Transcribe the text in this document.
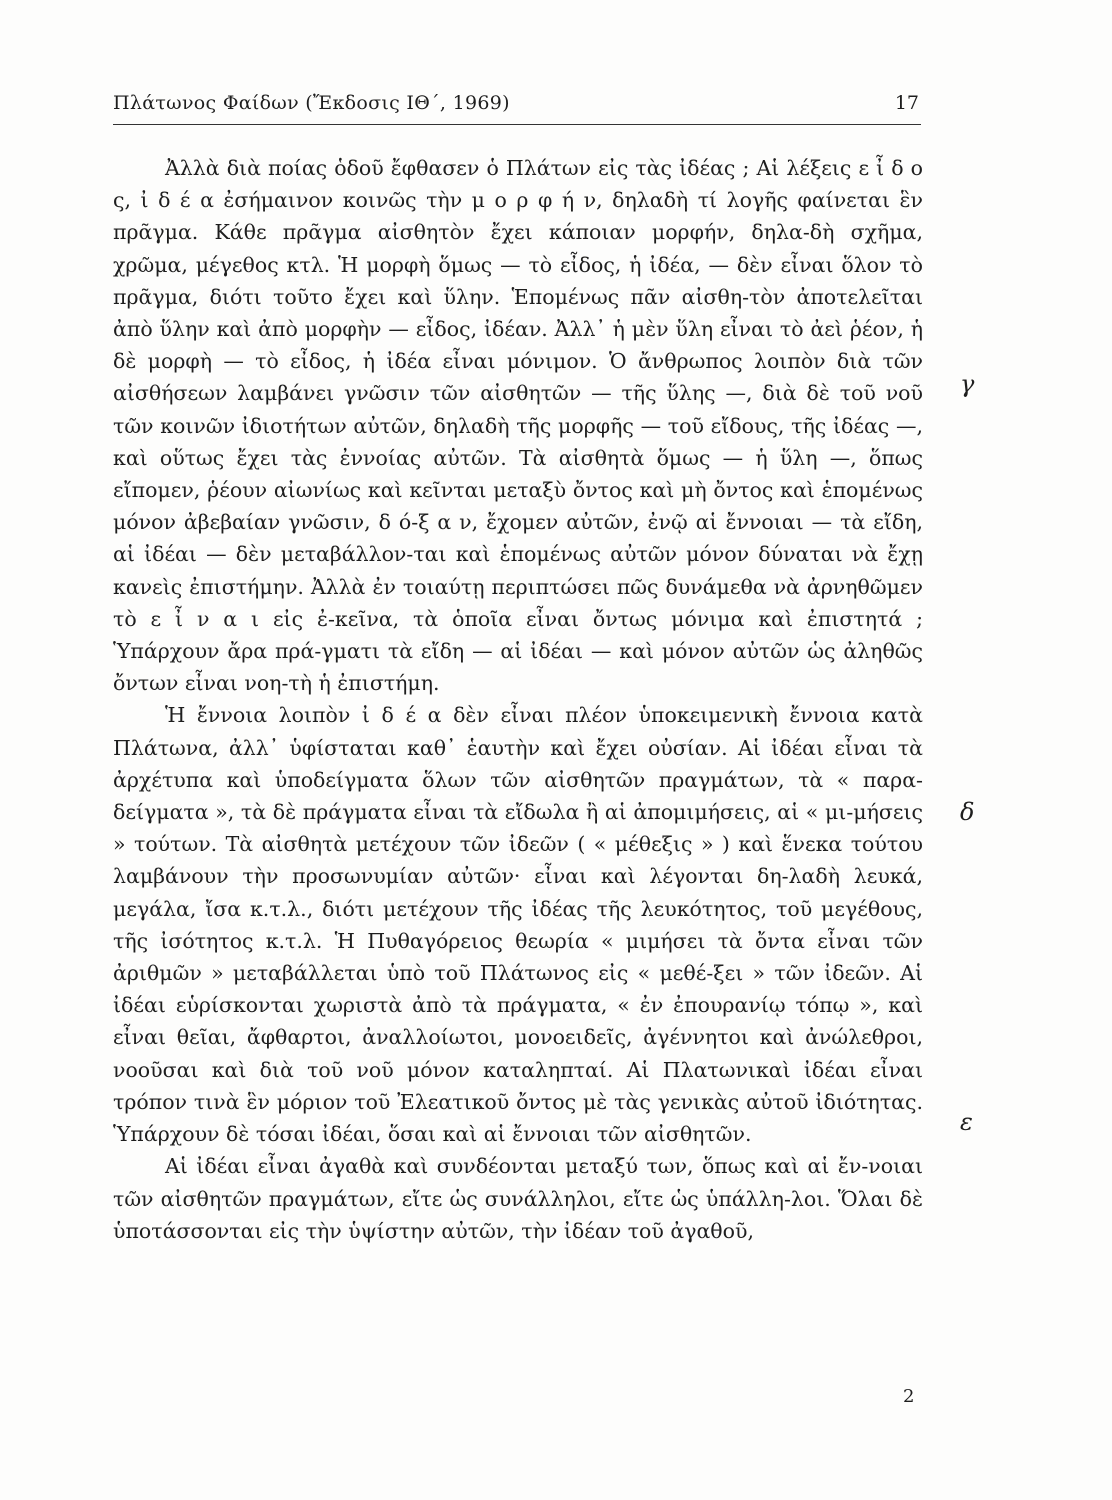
Πλάτωνος Φαίδων (Ἔκδοσις ΙΘ΄, 1969)	17

Ἀλλὰ διὰ ποίας ὁδοῦ ἔφθασεν ὁ Πλάτων εἰς τὰς ἰδέας ; Αἱ λέξεις ε ἶ δ ο ς, ἰ δ έ α ἐσήμαινον κοινῶς τὴν μ ο ρ φ ή ν, δηλαδὴ τί λογῆς φαίνεται ἓν πρᾶγμα. Κάθε πρᾶγμα αἰσθητὸν ἔχει κάποιαν μορφήν, δηλα-δὴ σχῆμα, χρῶμα, μέγεθος κτλ. Ἡ μορφὴ ὅμως — τὸ εἶδος, ἡ ἰδέα, — δὲν εἶναι ὅλον τὸ πρᾶγμα, διότι τοῦτο ἔχει καὶ ὕλην. Ἑπομένως πᾶν αἰσθη-τὸν ἀποτελεῖται ἀπὸ ὕλην καὶ ἀπὸ μορφὴν — εἶδος, ἰδέαν. Ἀλλ᾽ ἡ μὲν ὕλη εἶναι τὸ ἀεὶ ῥέον, ἡ δὲ μορφὴ — τὸ εἶδος, ἡ ἰδέα εἶναι μόνιμον. Ὁ ἄνθρωπος λοιπὸν διὰ τῶν αἰσθήσεων λαμβάνει γνῶσιν τῶν αἰσθητῶν — τῆς ὕλης —, διὰ δὲ τοῦ νοῦ τῶν κοινῶν ἰδιοτήτων αὐτῶν, δηλαδὴ τῆς μορφῆς — τοῦ εἴδους, τῆς ἰδέας —, καὶ οὕτως ἔχει τὰς ἐννοίας αὐτῶν. Τὰ αἰσθητὰ ὅμως — ἡ ὕλη —, ὅπως εἴπομεν, ῥέουν αἰωνίως καὶ κεῖνται μεταξὺ ὄντος καὶ μὴ ὄντος καὶ ἑπομένως μόνον ἀβεβαίαν γνῶσιν, δ ό-ξ α ν, ἔχομεν αὐτῶν, ἐνῷ αἱ ἔννοιαι — τὰ εἴδη, αἱ ἰδέαι — δὲν μεταβάλλον-ται καὶ ἑπομένως αὐτῶν μόνον δύναται νὰ ἔχῃ κανεὶς ἐπιστήμην. Ἀλλὰ ἐν τοιαύτῃ περιπτώσει πῶς δυνάμεθα νὰ ἀρνηθῶμεν τὸ ε ἶ ν α ι εἰς ἐ-κεῖνα, τὰ ὁποῖα εἶναι ὄντως μόνιμα καὶ ἐπιστητά ; Ὑπάρχουν ἄρα πρά-γματι τὰ εἴδη — αἱ ἰδέαι — καὶ μόνον αὐτῶν ὡς ἀληθῶς ὄντων εἶναι νοη-τὴ ἡ ἐπιστήμη.

Ἡ ἔννοια λοιπὸν ἰ δ έ α δὲν εἶναι πλέον ὑποκειμενικὴ ἔννοια κατὰ Πλάτωνα, ἀλλ᾽ ὑφίσταται καθ᾽ ἑαυτὴν καὶ ἔχει οὐσίαν. Αἱ ἰδέαι εἶναι τὰ ἀρχέτυπα καὶ ὑποδείγματα ὅλων τῶν αἰσθητῶν πραγμάτων, τὰ « παρα-δείγματα », τὰ δὲ πράγματα εἶναι τὰ εἴδωλα ἢ αἱ ἀπομιμήσεις, αἱ « μι-μήσεις » τούτων. Τὰ αἰσθητὰ μετέχουν τῶν ἰδεῶν ( « μέθεξις » ) καὶ ἕνεκα τούτου λαμβάνουν τὴν προσωνυμίαν αὐτῶν· εἶναι καὶ λέγονται δη-λαδὴ λευκά, μεγάλα, ἴσα κ.τ.λ., διότι μετέχουν τῆς ἰδέας τῆς λευκότητος, τοῦ μεγέθους, τῆς ἰσότητος κ.τ.λ. Ἡ Πυθαγόρειος θεωρία « μιμήσει τὰ ὄντα εἶναι τῶν ἀριθμῶν » μεταβάλλεται ὑπὸ τοῦ Πλάτωνος εἰς « μεθέ-ξει » τῶν ἰδεῶν. Αἱ ἰδέαι εὑρίσκονται χωριστὰ ἀπὸ τὰ πράγματα, « ἐν ἐπουρανίῳ τόπῳ », καὶ εἶναι θεῖαι, ἄφθαρτοι, ἀναλλοίωτοι, μονοειδεῖς, ἀγέννητοι καὶ ἀνώλεθροι, νοοῦσαι καὶ διὰ τοῦ νοῦ μόνον καταληπταί. Αἱ Πλατωνικαὶ ἰδέαι εἶναι τρόπον τινὰ ἓν μόριον τοῦ Ἐλεατικοῦ ὄντος μὲ τὰς γενικὰς αὐτοῦ ἰδιότητας. Ὑπάρχουν δὲ τόσαι ἰδέαι, ὅσαι καὶ αἱ ἔννοιαι τῶν αἰσθητῶν.

Αἱ ἰδέαι εἶναι ἀγαθὰ καὶ συνδέονται μεταξύ των, ὅπως καὶ αἱ ἔν-νοιαι τῶν αἰσθητῶν πραγμάτων, εἴτε ὡς συνάλληλοι, εἴτε ὡς ὑπάλλη-λοι. Ὅλαι δὲ ὑποτάσσονται εἰς τὴν ὑψίστην αὐτῶν, τὴν ἰδέαν τοῦ ἀγαθοῦ,

γ
δ
ε
2
